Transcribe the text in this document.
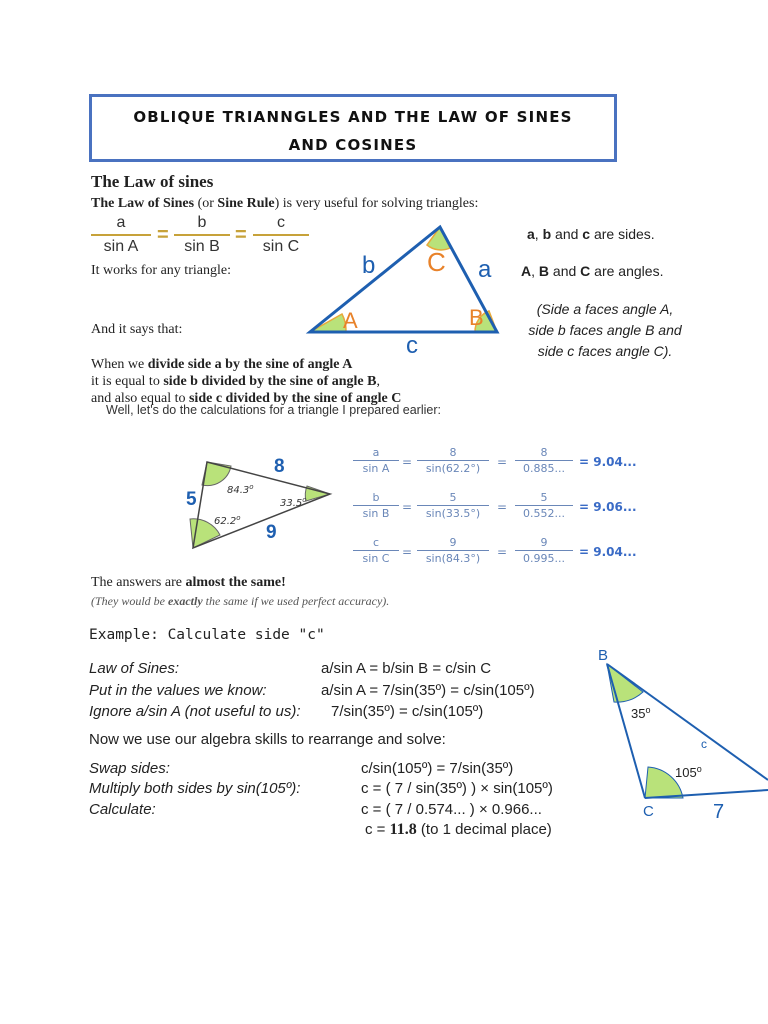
OBLIQUE TRIANNGLES AND THE LAW OF SINES
AND COSINES
The Law of sines
The Law of Sines (or Sine Rule) is very useful for solving triangles:
$\frac{a}{\text{sin A}} = \frac{b}{\text{sin B}} = \frac{c}{\text{sin C}}$
It works for any triangle:
And it says that:
b	a
c
A	B
C
a, b and c are sides.
A, B and C are angles.
(Side a faces angle A,
side b faces angle B and
side c faces angle C).
When we divide side a by the sine of angle A
it is equal to side b divided by the sine of angle B,
and also equal to side c divided by the sine of angle C
Well, let's do the calculations for a triangle I prepared earlier:
84.3$^o$
33.5$^o$
62.2$^o$
8
5
9
$\frac{a}{\text{sin A}} = \frac{8}{\sin(62.2^\circ)} = \frac{8}{0.885...} = 9.04$...
$\frac{b}{\text{sin B}} = \frac{5}{\sin(33.5^\circ)} = \frac{5}{0.552...} = 9.06$...
$\frac{c}{\text{sin C}} = \frac{9}{\sin(84.3^\circ)} = \frac{9}{0.995...} = 9.04$...
The answers are almost the same!
(They would be exactly the same if we used perfect accuracy).
Example: Calculate side "c"
Law of Sines:	a/sin A = b/sin B = c/sin C
Put in the values we know:	a/sin A = 7/sin(35º) = c/sin(105º)
Ignore a/sin A (not useful to us): 7/sin(35º) = c/sin(105º)
Now we use our algebra skills to rearrange and solve:
Swap sides:	c/sin(105º) = 7/sin(35º)
Multiply both sides by sin(105º):	c = ( 7 / sin(35º) ) × sin(105º)
Calculate:	c = ( 7 / 0.574... ) × 0.966...
c = 11.8 (to 1 decimal place)
B
C
c
7
35$^o$
105$^o$
